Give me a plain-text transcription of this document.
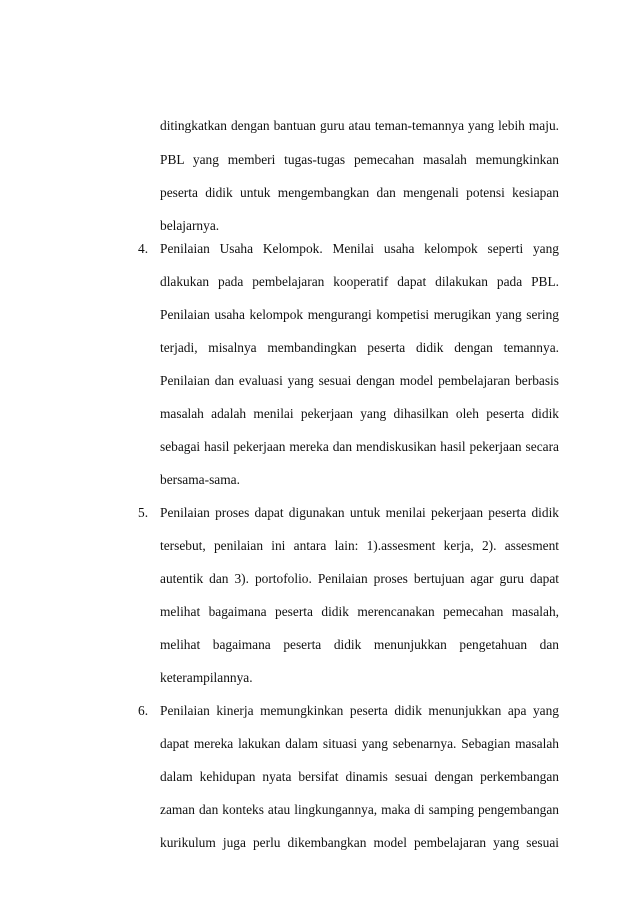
ditingkatkan dengan bantuan guru atau teman-temannya yang lebih maju.
PBL yang memberi tugas-tugas pemecahan masalah memungkinkan
peserta didik untuk mengembangkan dan mengenali potensi kesiapan
belajarnya.
4. Penilaian Usaha Kelompok. Menilai usaha kelompok seperti yang
dlakukan pada pembelajaran kooperatif dapat dilakukan pada PBL.
Penilaian usaha kelompok mengurangi kompetisi merugikan yang sering
terjadi, misalnya membandingkan peserta didik dengan temannya.
Penilaian dan evaluasi yang sesuai dengan model pembelajaran berbasis
masalah adalah menilai pekerjaan yang dihasilkan oleh peserta didik
sebagai hasil pekerjaan mereka dan mendiskusikan hasil pekerjaan secara
bersama-sama.
5. Penilaian proses dapat digunakan untuk menilai pekerjaan peserta didik
tersebut, penilaian ini antara lain: 1).assesment kerja, 2). assesment
autentik dan 3). portofolio. Penilaian proses bertujuan agar guru dapat
melihat bagaimana peserta didik merencanakan pemecahan masalah,
melihat bagaimana peserta didik menunjukkan pengetahuan dan
keterampilannya.
6. Penilaian kinerja memungkinkan peserta didik menunjukkan apa yang
dapat mereka lakukan dalam situasi yang sebenarnya. Sebagian masalah
dalam kehidupan nyata bersifat dinamis sesuai dengan perkembangan
zaman dan konteks atau lingkungannya, maka di samping pengembangan
kurikulum juga perlu dikembangkan model pembelajaran yang sesuai
